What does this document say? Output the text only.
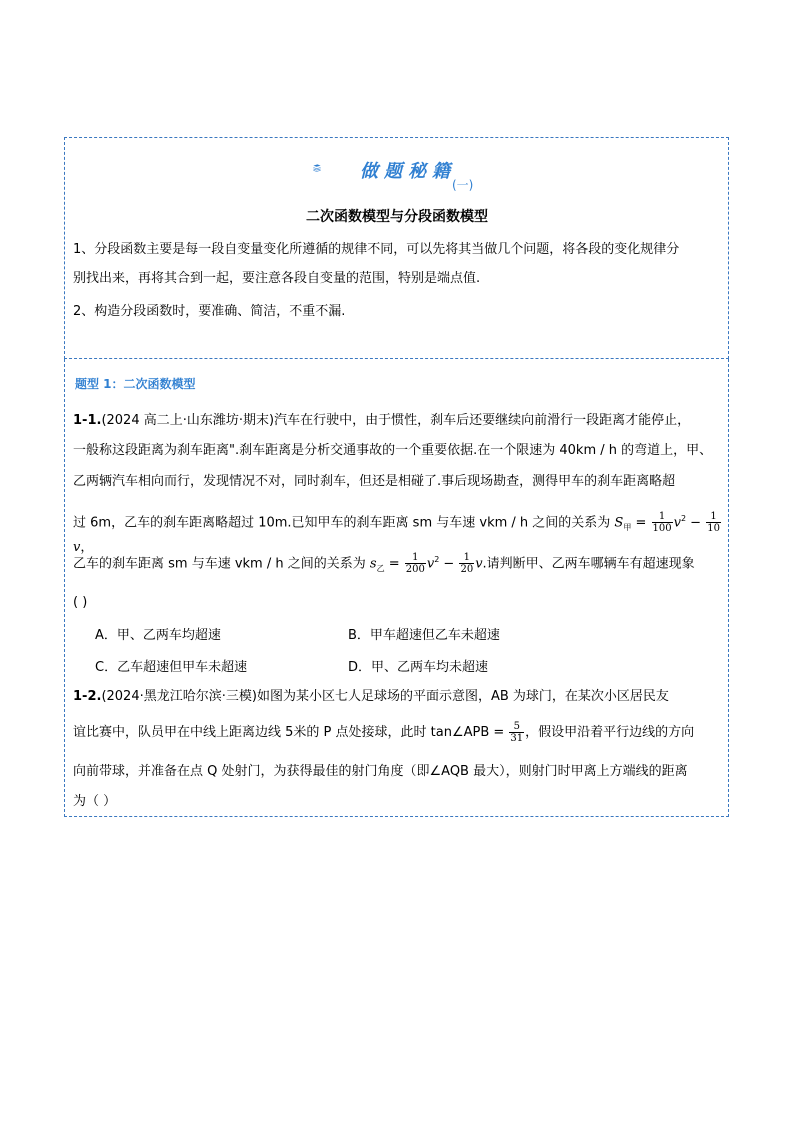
做题秘籍
(一)
二次函数模型与分段函数模型
1、分段函数主要是每一段自变量变化所遵循的规律不同，可以先将其当做几个问题，将各段的变化规律分
别找出来，再将其合到一起，要注意各段自变量的范围，特别是端点值.
2、构造分段函数时，要准确、简洁，不重不漏.
题型 1：二次函数模型
1-1.(2024 高二上·山东潍坊·期末)汽车在行驶中，由于惯性，刹车后还要继续向前滑行一段距离才能停止，
一般称这段距离为刹车距离".刹车距离是分析交通事故的一个重要依据.在一个限速为 40km / h 的弯道上，甲、
乙两辆汽车相向而行，发现情况不对，同时刹车，但还是相碰了.事后现场勘查，测得甲车的刹车距离略超
过 6m，乙车的刹车距离略超过 10m.已知甲车的刹车距离 sm 与车速 vkm / h 之间的关系为 $S_甲 = \frac{1}{100} v^2 - \frac{1}{10}$
v，
乙车的刹车距离 sm 与车速 vkm / h 之间的关系为 $s_乙 = \frac{1}{200} v^2 - \frac{1}{20} v$.请判断甲、乙两车哪辆车有超速现象
( )
A．甲、乙两车均超速	B．甲车超速但乙车未超速
C．乙车超速但甲车未超速	D．甲、乙两车均未超速
1-2.(2024·黑龙江哈尔滨·三模)如图为某小区七人足球场的平面示意图，AB 为球门，在某次小区居民友
谊比赛中，队员甲在中线上距离边线 5米的 P 点处接球，此时 tan∠APB = $\frac{5}{31}$ ，假设甲沿着平行边线的方向
向前带球，并准备在点 Q 处射门，为获得最佳的射门角度（即∠AQB 最大），则射门时甲离上方端线的距离
为（ ）
